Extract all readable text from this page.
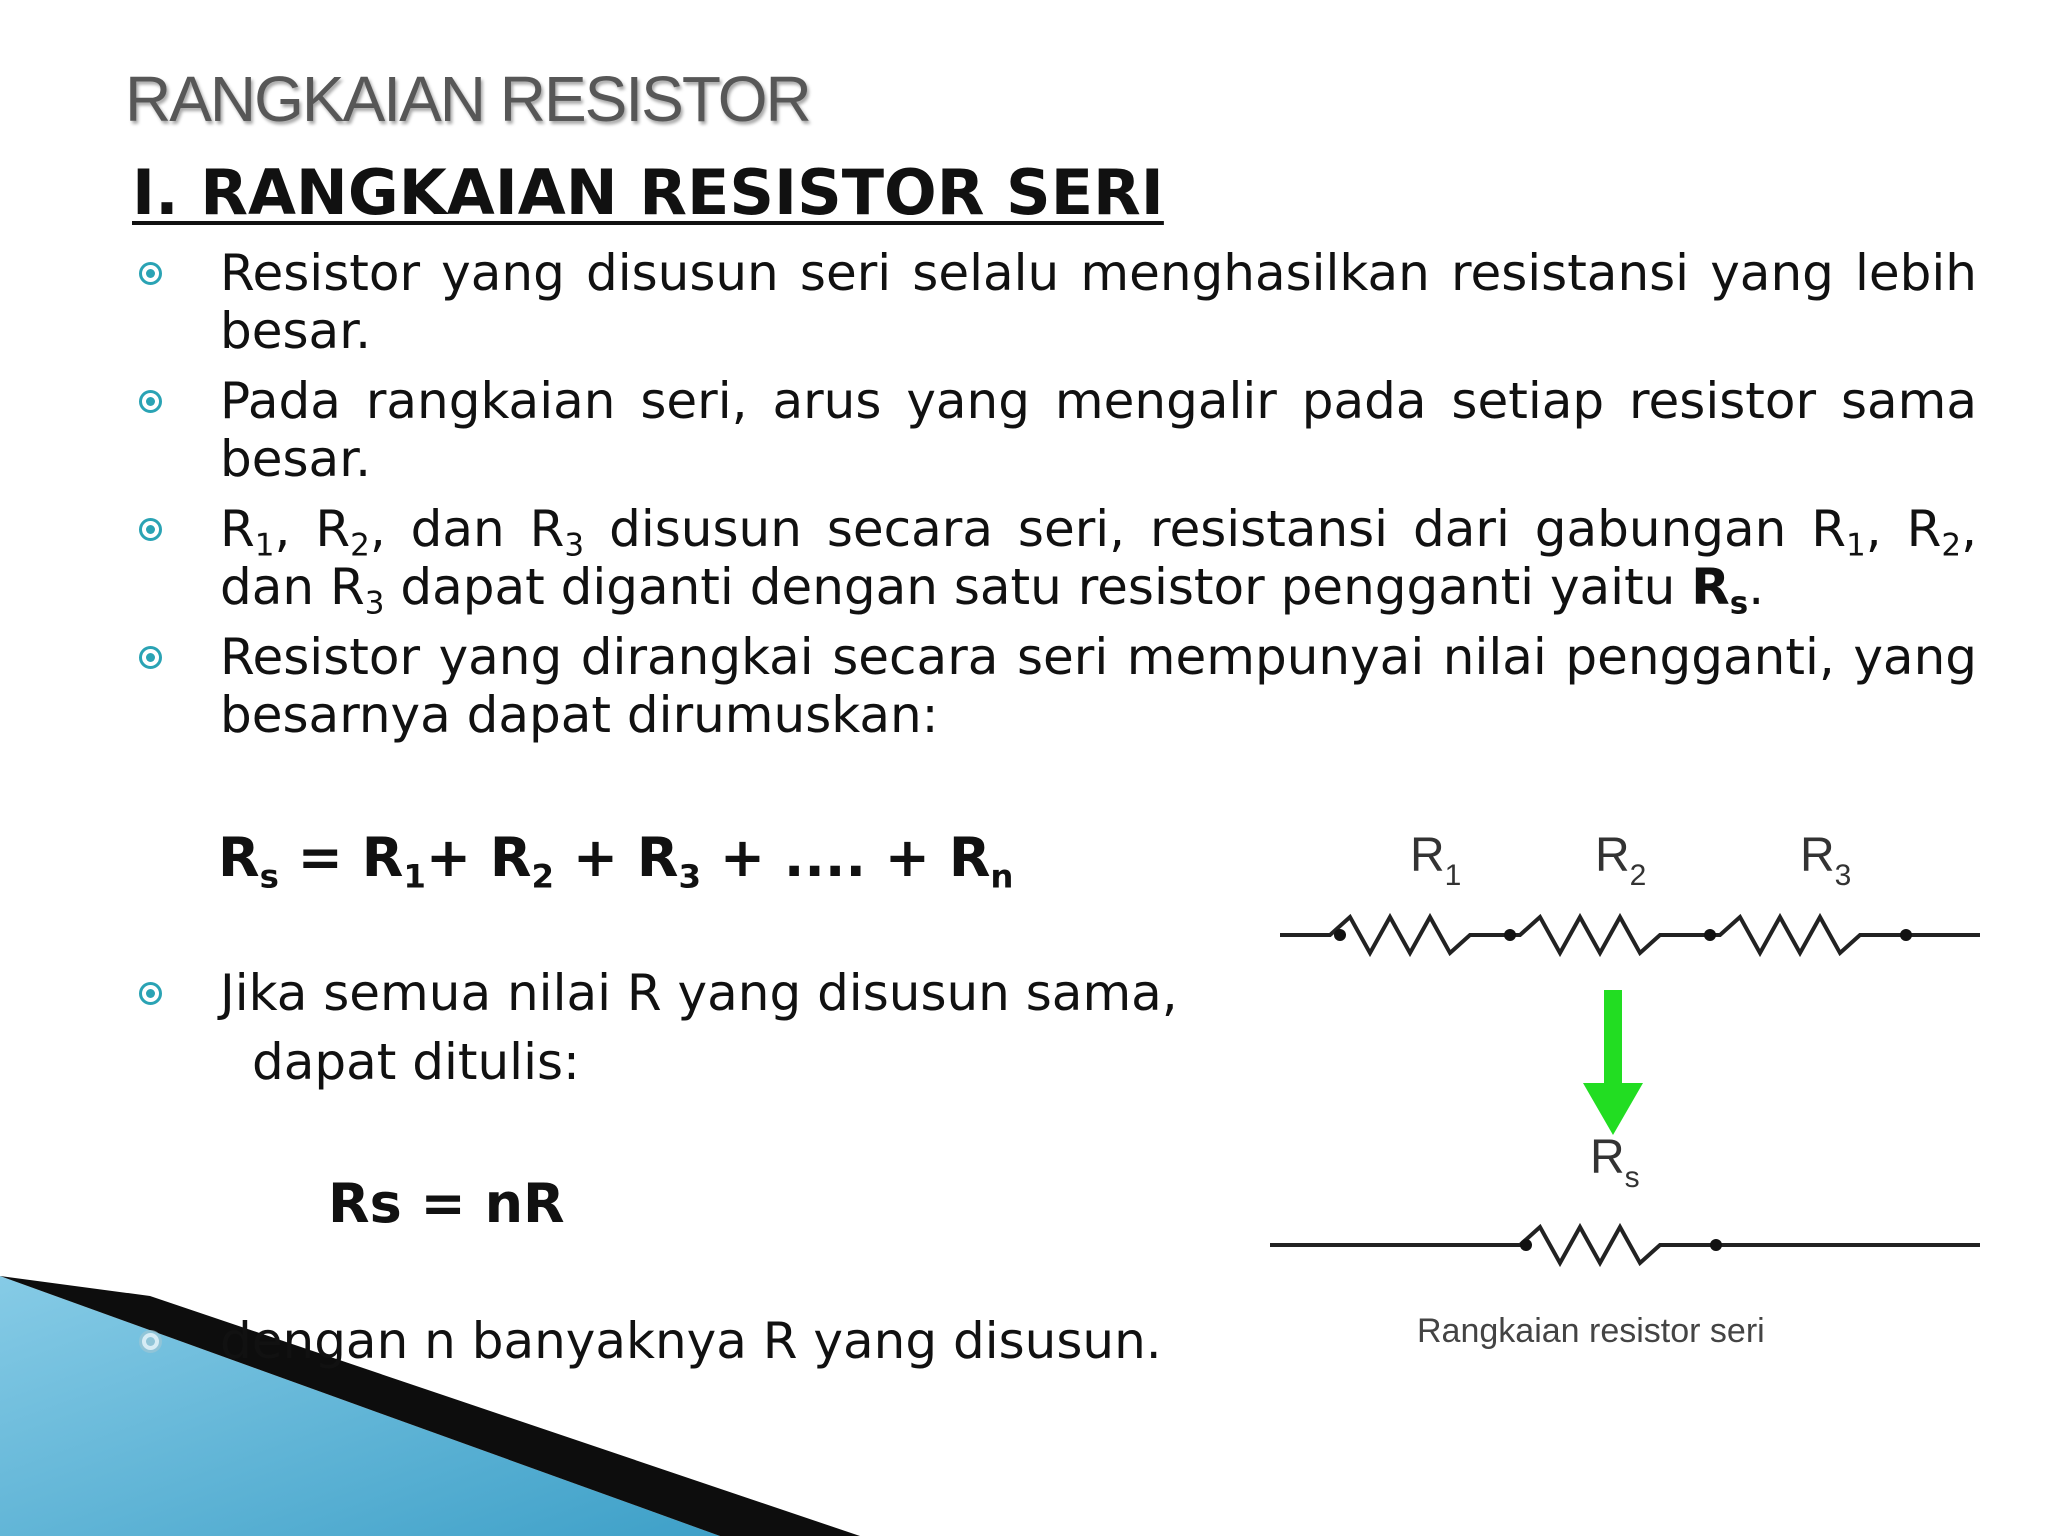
RANGKAIAN RESISTOR
I. RANGKAIAN RESISTOR SERI
Resistor yang disusun seri selalu menghasilkan resistansi yang lebih besar.
Pada rangkaian seri, arus yang mengalir pada setiap resistor sama besar.
$R_1$, $R_2$, dan $R_3$ disusun secara seri, resistansi dari gabungan $R_1$, $R_2$, dan $R_3$ dapat diganti dengan satu resistor pengganti yaitu $R_s$.
Resistor yang dirangkai secara seri mempunyai nilai pengganti, yang besarnya dapat dirumuskan:
$R_s = R_1+ R_2 + R_3$ + .... + $R_n$
Jika semua nilai R yang disusun sama,
dapat ditulis:
Rs = nR
dengan n banyaknya R yang disusun.
$R_1$	$R_2$	$R_3$
$R_s$
Rangkaian resistor seri
